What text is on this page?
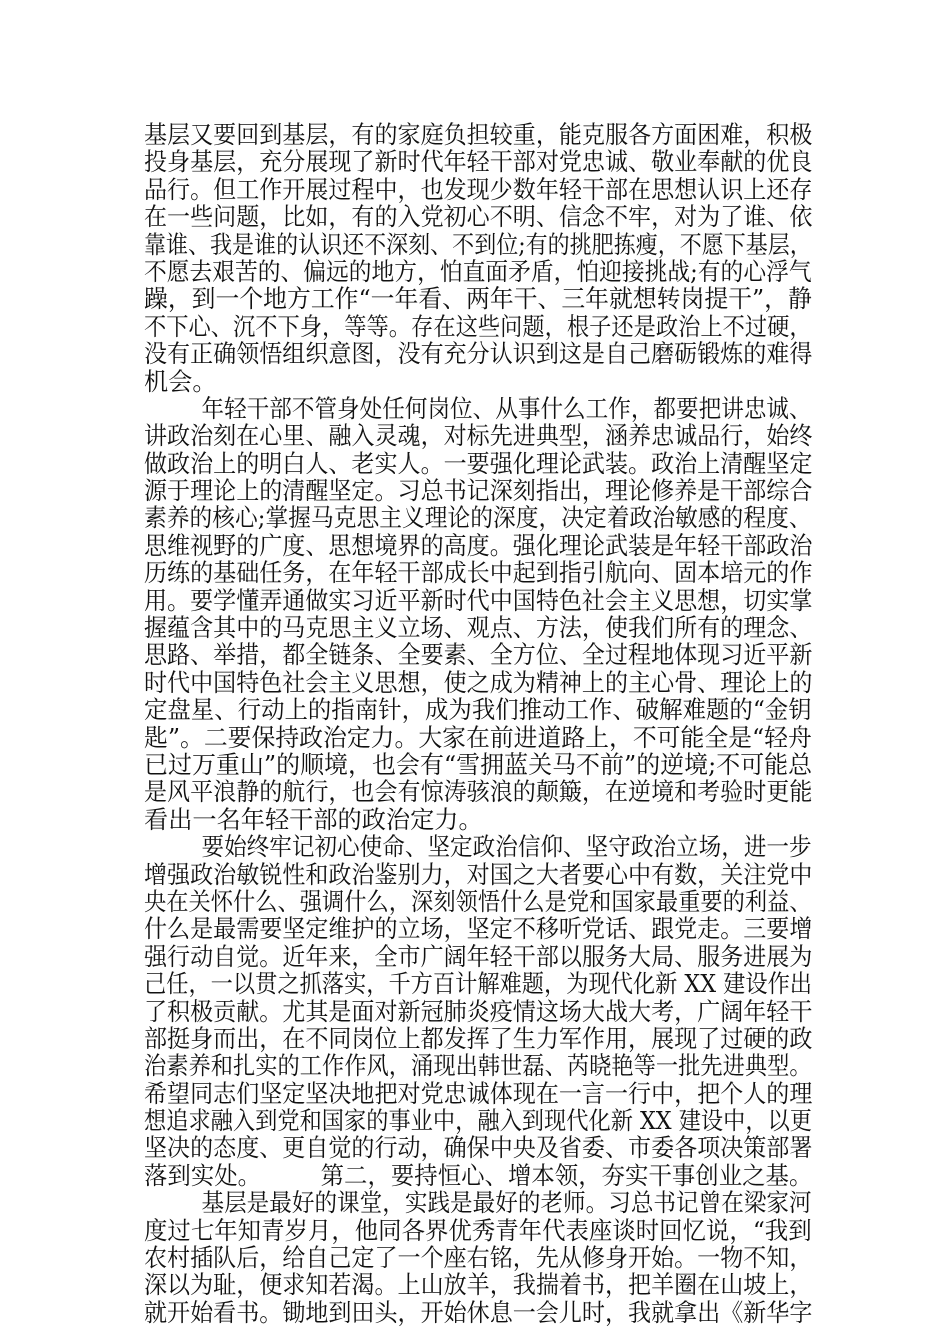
基层又要回到基层，有的家庭负担较重，能克服各方面困难，积极
投身基层，充分展现了新时代年轻干部对党忠诚、敬业奉献的优良
品行。但工作开展过程中，也发现少数年轻干部在思想认识上还存
在一些问题，比如，有的入党初心不明、信念不牢，对为了谁、依
靠谁、我是谁的认识还不深刻、不到位;有的挑肥拣瘦，不愿下基层，
不愿去艰苦的、偏远的地方，怕直面矛盾，怕迎接挑战;有的心浮气
躁，到一个地方工作“一年看、两年干、三年就想转岗提干”，静
不下心、沉不下身，等等。存在这些问题，根子还是政治上不过硬，
没有正确领悟组织意图，没有充分认识到这是自己磨砺锻炼的难得
机会。
年轻干部不管身处任何岗位、从事什么工作，都要把讲忠诚、
讲政治刻在心里、融入灵魂，对标先进典型，涵养忠诚品行，始终
做政治上的明白人、老实人。一要强化理论武装。政治上清醒坚定
源于理论上的清醒坚定。习总书记深刻指出，理论修养是干部综合
素养的核心;掌握马克思主义理论的深度，决定着政治敏感的程度、
思维视野的广度、思想境界的高度。强化理论武装是年轻干部政治
历练的基础任务，在年轻干部成长中起到指引航向、固本培元的作
用。要学懂弄通做实习近平新时代中国特色社会主义思想，切实掌
握蕴含其中的马克思主义立场、观点、方法，使我们所有的理念、
思路、举措，都全链条、全要素、全方位、全过程地体现习近平新
时代中国特色社会主义思想，使之成为精神上的主心骨、理论上的
定盘星、行动上的指南针，成为我们推动工作、破解难题的“金钥
匙”。二要保持政治定力。大家在前进道路上，不可能全是“轻舟
已过万重山”的顺境，也会有“雪拥蓝关马不前”的逆境;不可能总
是风平浪静的航行，也会有惊涛骇浪的颠簸，在逆境和考验时更能
看出一名年轻干部的政治定力。
要始终牢记初心使命、坚定政治信仰、坚守政治立场，进一步
增强政治敏锐性和政治鉴别力，对国之大者要心中有数，关注党中
央在关怀什么、强调什么，深刻领悟什么是党和国家最重要的利益、
什么是最需要坚定维护的立场，坚定不移听党话、跟党走。三要增
强行动自觉。近年来，全市广阔年轻干部以服务大局、服务进展为
己任，一以贯之抓落实，千方百计解难题，为现代化新 XX 建设作出
了积极贡献。尤其是面对新冠肺炎疫情这场大战大考，广阔年轻干
部挺身而出，在不同岗位上都发挥了生力军作用，展现了过硬的政
治素养和扎实的工作作风，涌现出韩世磊、芮晓艳等一批先进典型。
希望同志们坚定坚决地把对党忠诚体现在一言一行中，把个人的理
想追求融入到党和国家的事业中，融入到现代化新 XX 建设中，以更
坚决的态度、更自觉的行动，确保中央及省委、市委各项决策部署
落到实处。        第二，要持恒心、增本领，夯实干事创业之基。
基层是最好的课堂，实践是最好的老师。习总书记曾在梁家河
度过七年知青岁月，他同各界优秀青年代表座谈时回忆说，“我到
农村插队后，给自己定了一个座右铭，先从修身开始。一物不知，
深以为耻，便求知若渴。上山放羊，我揣着书，把羊圈在山坡上，
就开始看书。锄地到田头，开始休息一会儿时，我就拿出《新华字
